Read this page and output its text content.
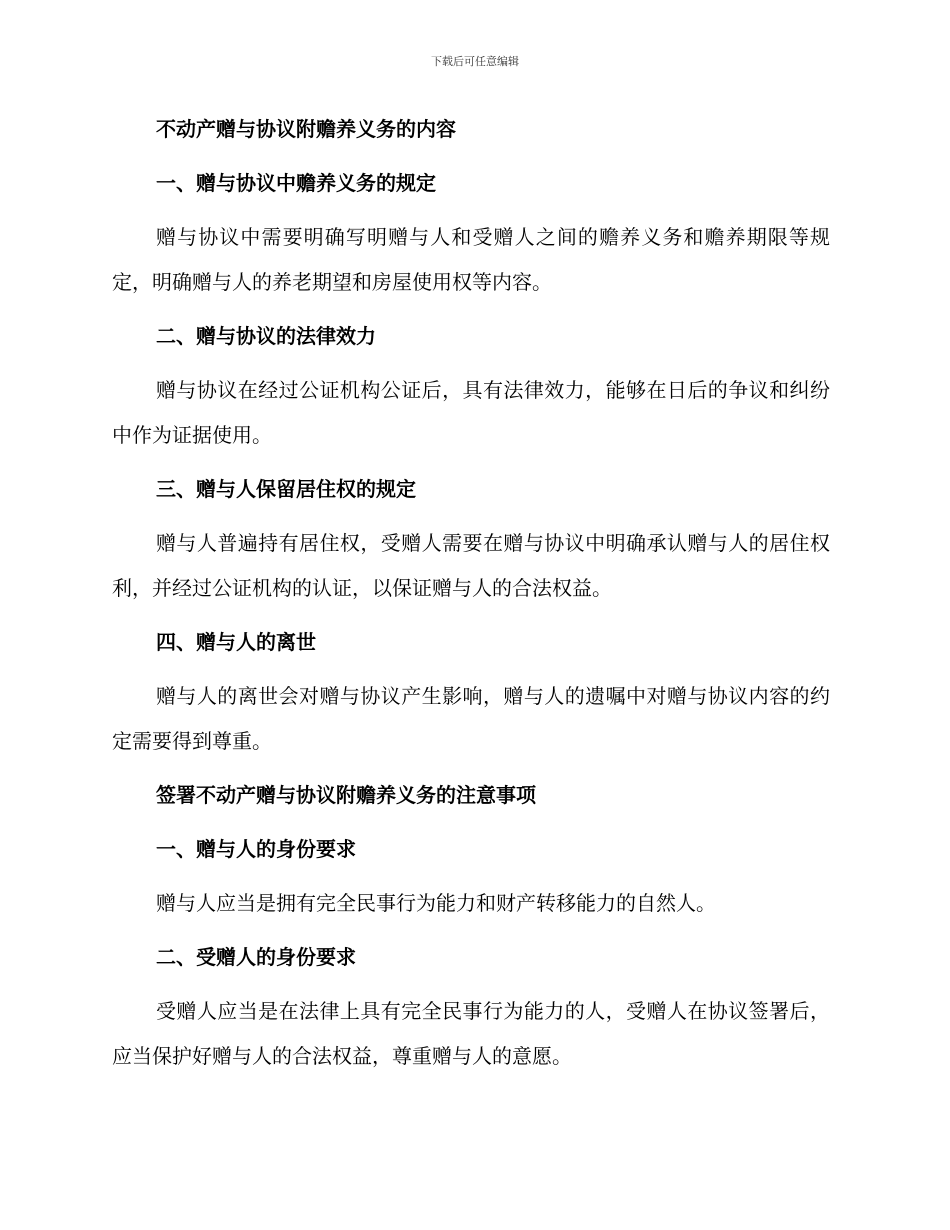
下载后可任意编辑
不动产赠与协议附赡养义务的内容
一、赠与协议中赡养义务的规定
赠与协议中需要明确写明赠与人和受赠人之间的赡养义务和赡养期限等规定，明确赠与人的养老期望和房屋使用权等内容。
二、赠与协议的法律效力
赠与协议在经过公证机构公证后，具有法律效力，能够在日后的争议和纠纷中作为证据使用。
三、赠与人保留居住权的规定
赠与人普遍持有居住权，受赠人需要在赠与协议中明确承认赠与人的居住权利，并经过公证机构的认证，以保证赠与人的合法权益。
四、赠与人的离世
赠与人的离世会对赠与协议产生影响，赠与人的遗嘱中对赠与协议内容的约定需要得到尊重。
签署不动产赠与协议附赡养义务的注意事项
一、赠与人的身份要求
赠与人应当是拥有完全民事行为能力和财产转移能力的自然人。
二、受赠人的身份要求
受赠人应当是在法律上具有完全民事行为能力的人，受赠人在协议签署后，应当保护好赠与人的合法权益，尊重赠与人的意愿。
